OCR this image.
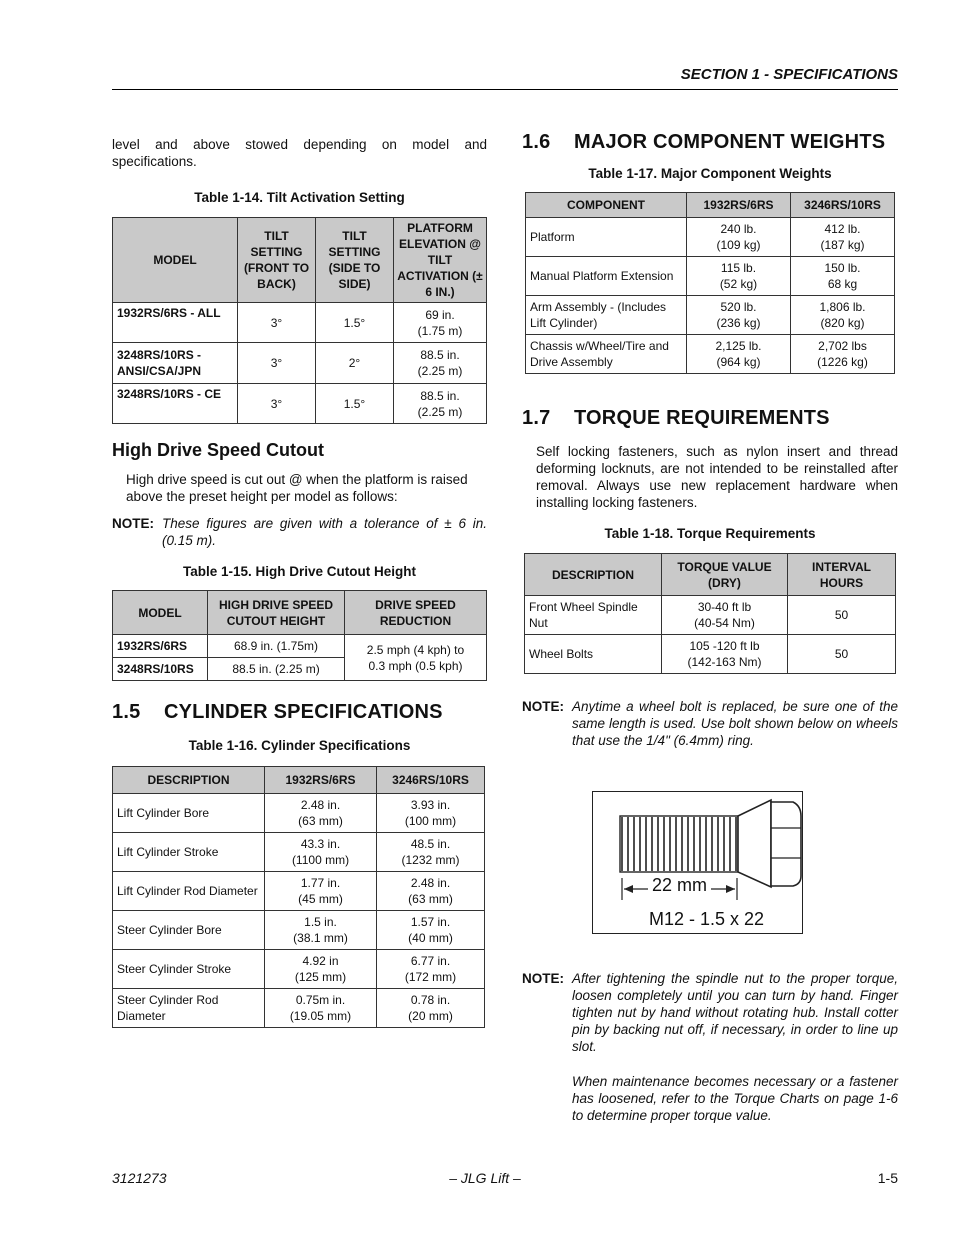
SECTION 1 - SPECIFICATIONS

level and above stowed depending on model and specifications.

Table 1-14. Tilt Activation Setting

MODEL	TILT SETTING (FRONT TO BACK)	TILT SETTING (SIDE TO SIDE)	PLATFORM ELEVATION @ TILT ACTIVATION (± 6 IN.)
1932RS/6RS - ALL	3°	1.5°	69 in.
(1.75 m)
3248RS/10RS - ANSI/CSA/JPN	3°	2°	88.5 in.
(2.25 m)
3248RS/10RS - CE	3°	1.5°	88.5 in.
(2.25 m)
High Drive Speed Cutout

High drive speed is cut out @ when the platform is raised above the preset height per model as follows:

NOTE: These figures are given with a tolerance of ± 6 in. (0.15 m).

Table 1-15. High Drive Cutout Height

MODEL	HIGH DRIVE SPEED CUTOUT HEIGHT	DRIVE SPEED REDUCTION
1932RS/6RS	68.9 in. (1.75m)	2.5 mph (4 kph) to
0.3 mph (0.5 kph)
3248RS/10RS	88.5 in. (2.25 m)	
1.5 CYLINDER SPECIFICATIONS

Table 1-16. Cylinder Specifications

DESCRIPTION	1932RS/6RS	3246RS/10RS
Lift Cylinder Bore	2.48 in.
(63 mm)	3.93 in.
(100 mm)
Lift Cylinder Stroke	43.3 in.
(1100 mm)	48.5 in.
(1232 mm)
Lift Cylinder Rod Diameter	1.77 in.
(45 mm)	2.48 in.
(63 mm)
Steer Cylinder Bore	1.5 in.
(38.1 mm)	1.57 in.
(40 mm)
Steer Cylinder Stroke	4.92 in
(125 mm)	6.77 in.
(172 mm)
Steer Cylinder Rod Diameter	0.75m in.
(19.05 mm)	0.78 in.
(20 mm)
1.6 MAJOR COMPONENT WEIGHTS

Table 1-17. Major Component Weights

COMPONENT	1932RS/6RS	3246RS/10RS
Platform	240 lb.
(109 kg)	412 lb.
(187 kg)
Manual Platform Extension	115 lb.
(52 kg)	150 lb.
68 kg
Arm Assembly - (Includes Lift Cylinder)	520 lb.
(236 kg)	1,806 lb.
(820 kg)
Chassis w/Wheel/Tire and Drive Assembly	2,125 lb.
(964 kg)	2,702 lbs
(1226 kg)
1.7 TORQUE REQUIREMENTS

Self locking fasteners, such as nylon insert and thread deforming locknuts, are not intended to be reinstalled after removal. Always use new replacement hardware when installing locking fasteners.

Table 1-18. Torque Requirements

DESCRIPTION	TORQUE VALUE (DRY)	INTERVAL HOURS
Front Wheel Spindle Nut	30-40 ft lb
(40-54 Nm)	50
Wheel Bolts	105 -120 ft lb
(142-163 Nm)	50
NOTE: Anytime a wheel bolt is replaced, be sure one of the same length is used. Use bolt shown below on wheels that use the 1/4" (6.4mm) ring.
22 mm
M12 - 1.5 x 22
NOTE: After tightening the spindle nut to the proper torque, loosen completely until you can turn by hand. Finger tighten nut by hand without rotating hub. Install cotter pin by backing nut off, if necessary, in order to line up slot.

When maintenance becomes necessary or a fastener has loosened, refer to the Torque Charts on page 1-6 to determine proper torque value.

3121273	– JLG Lift –	1-5
